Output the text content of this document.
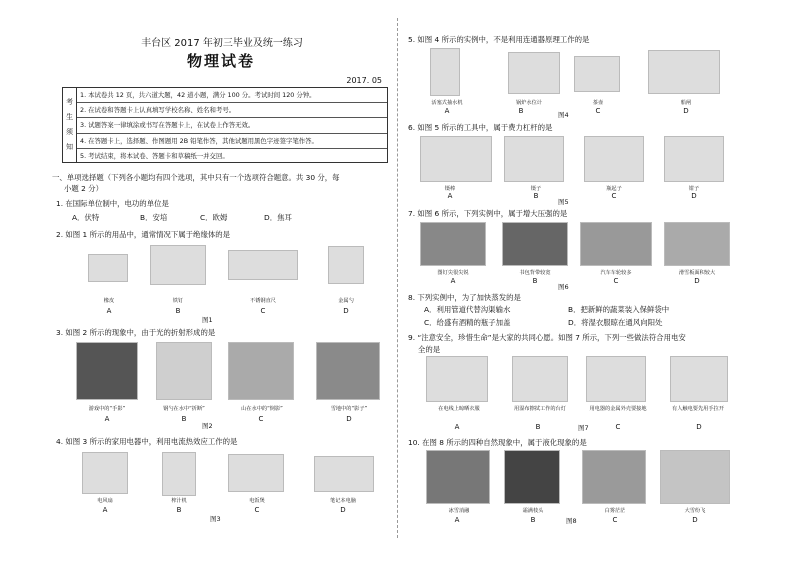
丰台区 2017 年初三毕业及统一练习
物理试卷
2017. 05
考
生
须
知
1. 本试卷共 12 页，共六道大题，42 道小题，满分 100 分。考试时间 120 分钟。
2. 在试卷和答题卡上认真填写学校名称、姓名和考号。
3. 试题答案一律填涂或书写在答题卡上，在试卷上作答无效。
4. 在答题卡上，选择题、作图题用 2B 铅笔作答，其他试题用黑色字迹签字笔作答。
5. 考试结束，将本试卷、答题卡和草稿纸一并交回。
一、单项选择题（下列各小题均有四个选项，其中只有一个选项符合题意。共 30 分，每
小题 2 分）
1. 在国际单位制中，电功的单位是
A．伏特	B．安培	C．欧姆	D．焦耳
2. 如图 1 所示的用品中，通常情况下属于绝缘体的是
橡皮	铁钉	不锈钢直尺	金属勺
A	B	C	D
图1
3. 如图 2 所示的现象中，由于光的折射形成的是
游戏中的“手影”	钢勺在水中“折断”	山在水中的“倒影”	雪地中的“影子”
A	B	C	D
图2
4. 如图 3 所示的家用电器中，利用电流热效应工作的是
电风扇	榨汁机	电饭煲	笔记本电脑
A	B	C	D
图3
5. 如图 4 所示的实例中，不是利用连通器原理工作的是
活塞式抽水机	锅炉水位计	茶壶	船闸
A	B	C	D
图4
6. 如图 5 所示的工具中，属于费力杠杆的是
镊棒	镊子	瓶起子	钳子
A	B	C	D
图5
7. 如图 6 所示，下列实例中，属于增大压强的是
图钉尖很尖锐	书包背带较宽	汽车车轮较多	滑雪板面积较大
A	B	C	D
图6
8. 下列实例中，为了加快蒸发的是
A．利用管道代替沟渠输水	B．把新鲜的蔬菜装入保鲜袋中
C．给盛有酒精的瓶子加盖	D．将湿衣服晾在通风向阳处
9. “注意安全，珍惜生命”是大家的共同心愿。如图 7 所示，下列一些做法符合用电安
全的是
在电线上晾晒衣服	用湿布擦拭工作的台灯	用电器的金属外壳要接地	有人触电要先用手拉开
A	B	C	D
图7
10. 在图 8 所示的四种自然现象中，属于液化现象的是
冰雪消融	霜满枝头	白雾茫茫	大雪纷飞
A	B	C	D
图8
